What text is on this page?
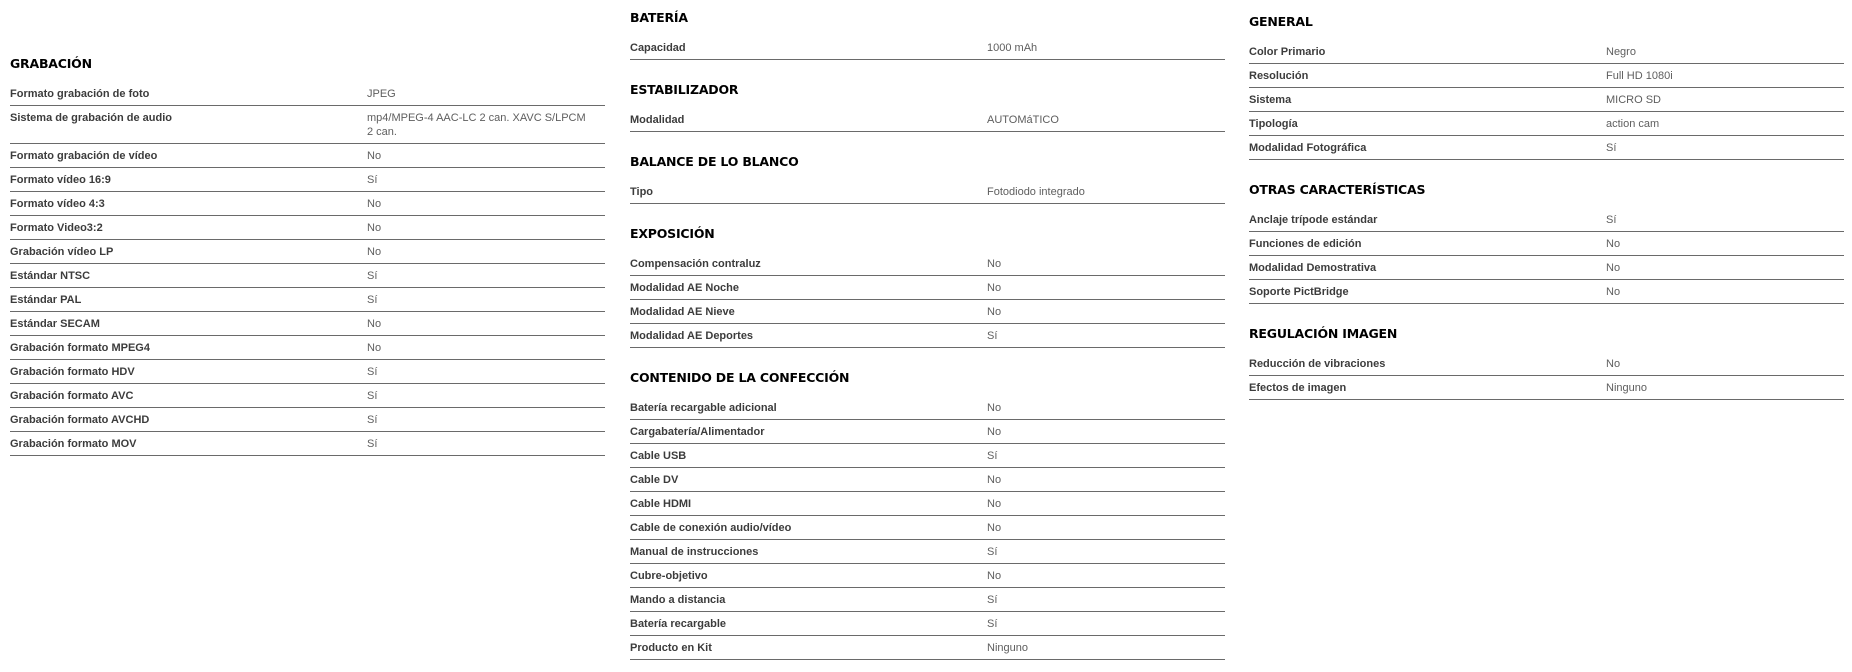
GRABACIÓN
Formato grabación de foto	JPEG
Sistema de grabación de audio	mp4/MPEG-4 AAC-LC 2 can. XAVC S/LPCM 2 can.
Formato grabación de vídeo	No
Formato vídeo 16:9	Sí
Formato vídeo 4:3	No
Formato Video3:2	No
Grabación vídeo LP	No
Estándar NTSC	Sí
Estándar PAL	Sí
Estándar SECAM	No
Grabación formato MPEG4	No
Grabación formato HDV	Sí
Grabación formato AVC	Sí
Grabación formato AVCHD	Sí
Grabación formato MOV	Sí
BATERÍA
Capacidad	1000 mAh
ESTABILIZADOR
Modalidad	AUTOMáTICO
BALANCE DE LO BLANCO
Tipo	Fotodiodo integrado
EXPOSICIÓN
Compensación contraluz	No
Modalidad AE Noche	No
Modalidad AE Nieve	No
Modalidad AE Deportes	Sí
CONTENIDO DE LA CONFECCIÓN
Batería recargable adicional	No
Cargabatería/Alimentador	No
Cable USB	Sí
Cable DV	No
Cable HDMI	No
Cable de conexión audio/vídeo	No
Manual de instrucciones	Sí
Cubre-objetivo	No
Mando a distancia	Sí
Batería recargable	Sí
Producto en Kit	Ninguno
GENERAL
Color Primario	Negro
Resolución	Full HD 1080i
Sistema	MICRO SD
Tipología	action cam
Modalidad Fotográfica	Sí
OTRAS CARACTERÍSTICAS
Anclaje trípode estándar	Sí
Funciones de edición	No
Modalidad Demostrativa	No
Soporte PictBridge	No
REGULACIÓN IMAGEN
Reducción de vibraciones	No
Efectos de imagen	Ninguno
